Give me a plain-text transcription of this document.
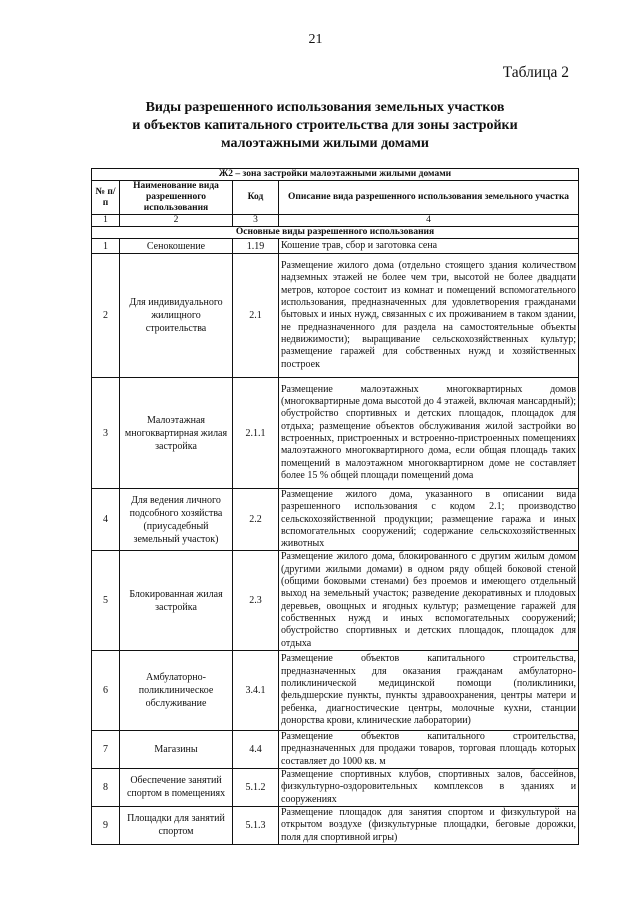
21
Таблица 2
Виды разрешенного использования земельных участков
и объектов капитального строительства для зоны застройки
малоэтажными жилыми домами
Ж2 – зона застройки малоэтажными жилыми домами			
№ п/п	Наименование вида разрешенного использования	Код	Описание вида разрешенного использования земельного участка
1	2	3	4
Основные виды разрешенного использования			
1	Сенокошение	1.19	Кошение трав, сбор и заготовка сена
2	Для индивидуального жилищного строительства	2.1	Размещение жилого дома (отдельно стоящего здания количеством надземных этажей не более чем три, высотой не более двадцати метров, которое состоит из комнат и помещений вспомогательного использования, предназначенных для удовлетворения гражданами бытовых и иных нужд, связанных с их проживанием в таком здании, не предназначенного для раздела на самостоятельные объекты недвижимости); выращивание сельскохозяйственных культур; размещение гаражей для собственных нужд и хозяйственных построек
3	Малоэтажная многоквартирная жилая застройка	2.1.1	Размещение малоэтажных многоквартирных домов (многоквартирные дома высотой до 4 этажей, включая мансардный); обустройство спортивных и детских площадок, площадок для отдыха; размещение объектов обслуживания жилой застройки во встроенных, пристроенных и встроенно-пристроенных помещениях малоэтажного многоквартирного дома, если общая площадь таких помещений в малоэтажном многоквартирном доме не составляет более 15 % общей площади помещений дома
4	Для ведения личного подсобного хозяйства (приусадебный земельный участок)	2.2	Размещение жилого дома, указанного в описании вида разрешенного использования с кодом 2.1; производство сельскохозяйственной продукции; размещение гаража и иных вспомогательных сооружений; содержание сельскохозяйственных животных
5	Блокированная жилая застройка	2.3	Размещение жилого дома, блокированного с другим жилым домом (другими жилыми домами) в одном ряду общей боковой стеной (общими боковыми стенами) без проемов и имеющего отдельный выход на земельный участок; разведение декоративных и плодовых деревьев, овощных и ягодных культур; размещение гаражей для собственных нужд и иных вспомогательных сооружений; обустройство спортивных и детских площадок, площадок для отдыха
6	Амбулаторно-поликлиническое обслуживание	3.4.1	Размещение объектов капитального строительства, предназначенных для оказания гражданам амбулаторно-поликлинической медицинской помощи (поликлиники, фельдшерские пункты, пункты здравоохранения, центры матери и ребенка, диагностические центры, молочные кухни, станции донорства крови, клинические лаборатории)
7	Магазины	4.4	Размещение объектов капитального строительства, предназначенных для продажи товаров, торговая площадь которых составляет до 1000 кв. м
8	Обеспечение занятий спортом в помещениях	5.1.2	Размещение спортивных клубов, спортивных залов, бассейнов, физкультурно-оздоровительных комплексов в зданиях и сооружениях
9	Площадки для занятий спортом	5.1.3	Размещение площадок для занятия спортом и физкультурой на открытом воздухе (физкультурные площадки, беговые дорожки, поля для спортивной игры)
